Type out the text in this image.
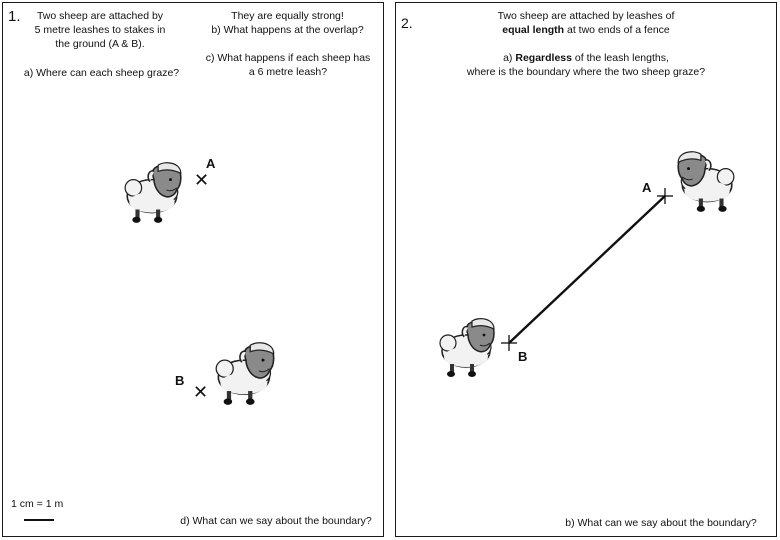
1.	Two sheep are attached by
5 metre leashes to stakes in
the ground (A & B).
a) Where can each sheep graze?
They are equally strong!
b) What happens at the overlap?
c) What happens if each sheep has
a 6 metre leash?
✕
A
✕
B
1 cm = 1 m
d) What can we say about the boundary?
2.	Two sheep are attached by leashes of
equal length at two ends of a fence
a) Regardless of the leash lengths,
where is the boundary where the two sheep graze?
A
B
b) What can we say about the boundary?
